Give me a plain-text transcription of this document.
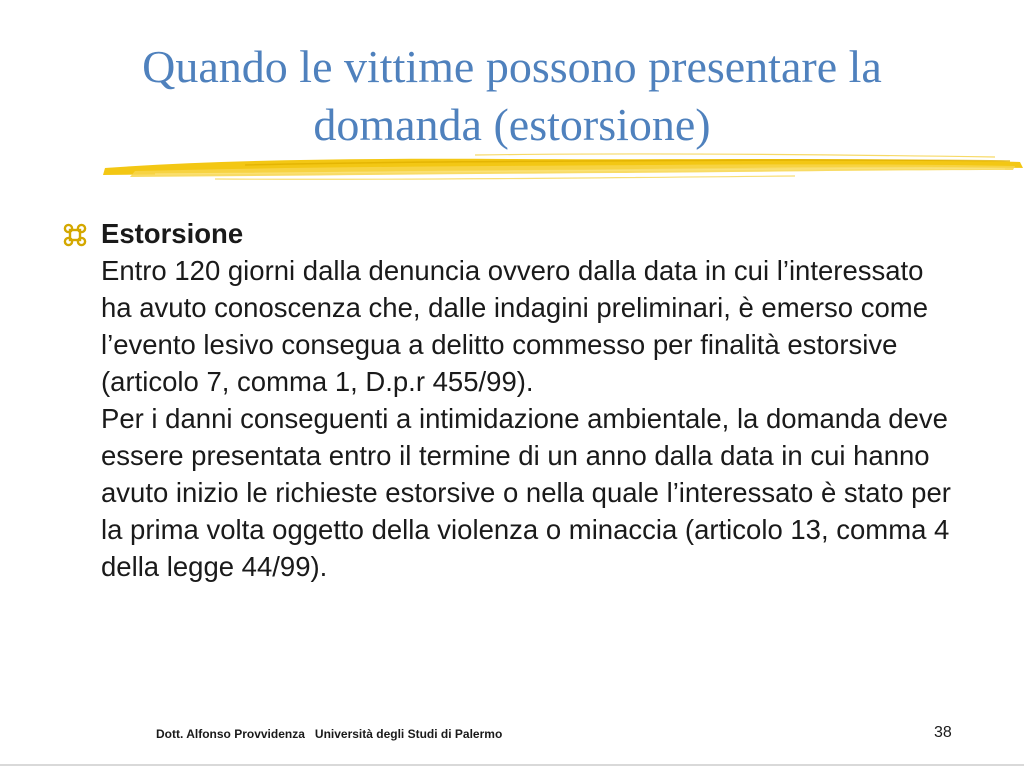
Quando le vittime possono presentare la
domanda (estorsione)
Estorsione
Entro 120 giorni dalla denuncia ovvero dalla data in cui l’interessato ha avuto conoscenza che, dalle indagini preliminari, è emerso come l’evento lesivo consegua a delitto commesso per finalità estorsive (articolo 7, comma 1, D.p.r 455/99).
Per i danni conseguenti a intimidazione ambientale, la domanda deve essere presentata entro il termine di un anno dalla data in cui hanno avuto inizio le richieste estorsive o nella quale l’interessato è stato per la prima volta oggetto della violenza o minaccia (articolo 13, comma 4 della legge 44/99).
Dott. Alfonso Provvidenza   Università degli Studi di Palermo	38
